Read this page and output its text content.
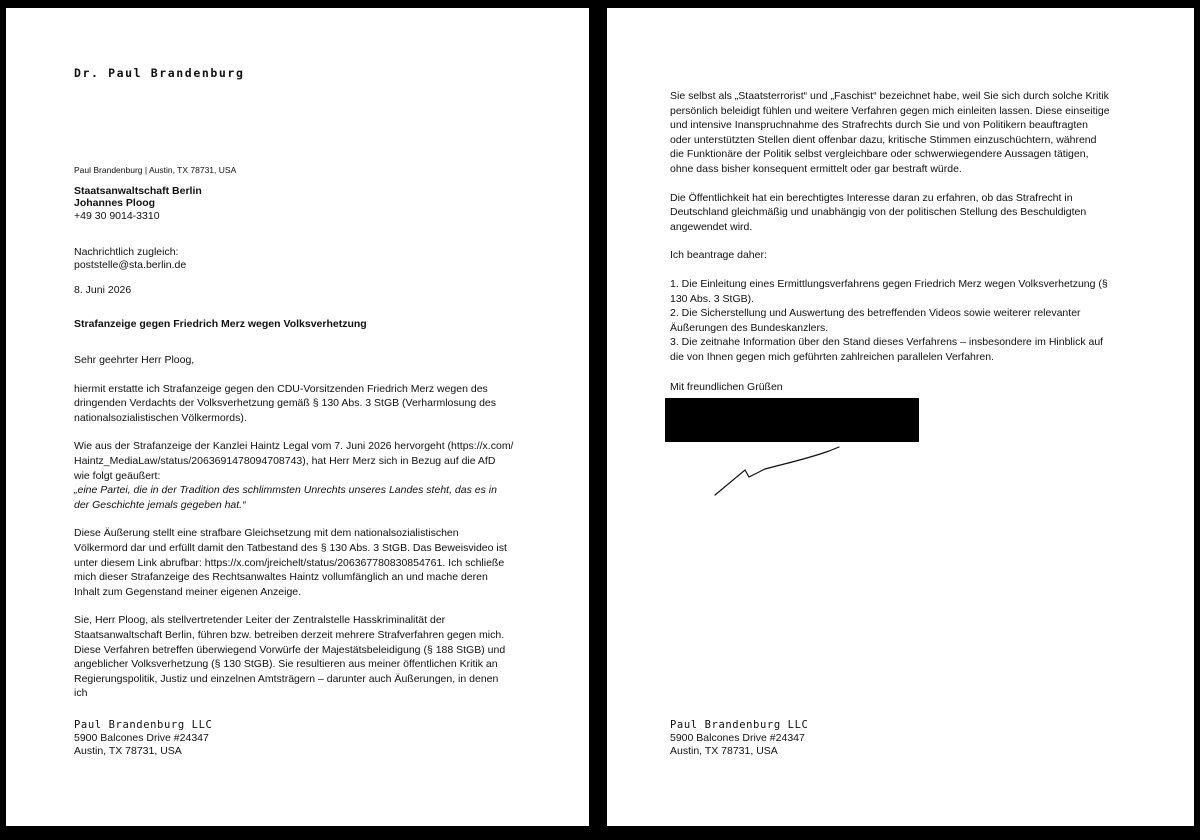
Dr. Paul Brandenburg
Paul Brandenburg | Austin, TX 78731, USA
Staatsanwaltschaft Berlin
Johannes Ploog
+49 30 9014-3310
Nachrichtlich zugleich:
poststelle@sta.berlin.de
8. Juni 2026
Strafanzeige gegen Friedrich Merz wegen Volksverhetzung

Sehr geehrter Herr Ploog,

hiermit erstatte ich Strafanzeige gegen den CDU-Vorsitzenden Friedrich Merz wegen des dringenden Verdachts der Volksverhetzung gemäß § 130 Abs. 3 StGB (Verharmlosung des nationalsozialistischen Völkermords).

Wie aus der Strafanzeige der Kanzlei Haintz Legal vom 7. Juni 2026 hervorgeht (https://x.com/ Haintz_MediaLaw/status/2063691478094708743), hat Herr Merz sich in Bezug auf die AfD wie folgt geäußert:
„eine Partei, die in der Tradition des schlimmsten Unrechts unseres Landes steht, das es in der Geschichte jemals gegeben hat.“

Diese Äußerung stellt eine strafbare Gleichsetzung mit dem nationalsozialistischen Völkermord dar und erfüllt damit den Tatbestand des § 130 Abs. 3 StGB. Das Beweisvideo ist unter diesem Link abrufbar: https://x.com/jreichelt/status/2063677808308547​61. Ich schließe mich dieser Strafanzeige des Rechtsanwaltes Haintz vollumfänglich an und mache deren Inhalt zum Gegenstand meiner eigenen Anzeige.

Sie, Herr Ploog, als stellvertretender Leiter der Zentralstelle Hasskriminalität der Staatsanwaltschaft Berlin, führen bzw. betreiben derzeit mehrere Strafverfahren gegen mich. Diese Verfahren betreffen überwiegend Vorwürfe der Majestätsbeleidigung (§ 188 StGB) und angeblicher Volksverhetzung (§ 130 StGB). Sie resultieren aus meiner öffentlichen Kritik an Regierungspolitik, Justiz und einzelnen Amtsträgern – darunter auch Äußerungen, in denen ich

Paul Brandenburg LLC
5900 Balcones Drive #24347
Austin, TX 78731, USA

Sie selbst als „Staatsterrorist“ und „Faschist“ bezeichnet habe, weil Sie sich durch solche Kritik persönlich beleidigt fühlen und weitere Verfahren gegen mich einleiten lassen. Diese einseitige und intensive Inanspruchnahme des Strafrechts durch Sie und von Politikern beauftragten oder unterstützten Stellen dient offenbar dazu, kritische Stimmen einzuschüchtern, während die Funktionäre der Politik selbst vergleichbare oder schwerwiegendere Aussagen tätigen, ohne dass bisher konsequent ermittelt oder gar bestraft würde.

Die Öffentlichkeit hat ein berechtigtes Interesse daran zu erfahren, ob das Strafrecht in Deutschland gleichmäßig und unabhängig von der politischen Stellung des Beschuldigten angewendet wird.

Ich beantrage daher:

1. Die Einleitung eines Ermittlungsverfahrens gegen Friedrich Merz wegen Volksverhetzung (§ 130 Abs. 3 StGB).
2. Die Sicherstellung und Auswertung des betreffenden Videos sowie weiterer relevanter Äußerungen des Bundeskanzlers.
3. Die zeitnahe Information über den Stand dieses Verfahrens – insbesondere im Hinblick auf die von Ihnen gegen mich geführten zahlreichen parallelen Verfahren.
Mit freundlichen Grüßen
Paul Brandenburg LLC
5900 Balcones Drive #24347
Austin, TX 78731, USA
